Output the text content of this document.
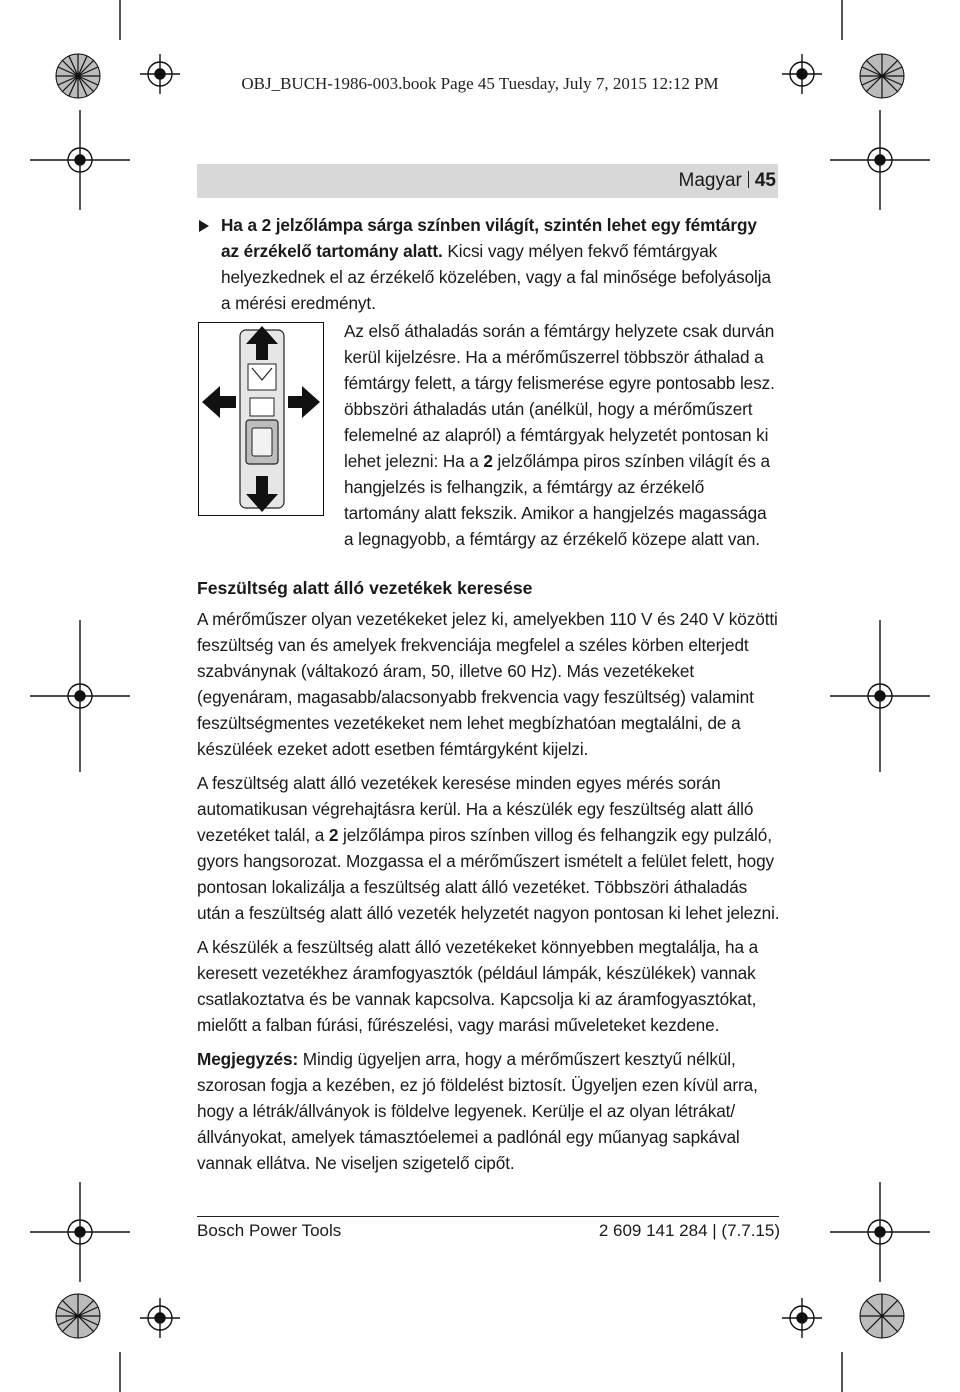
OBJ_BUCH-1986-003.book Page 45 Tuesday, July 7, 2015 12:12 PM
Magyar 45

Ha a 2 jelzőlámpa sárga színben világít, szintén lehet egy fémtárgy az érzékelő tartomány alatt. Kicsi vagy mélyen fekvő fémtárgyak helyezkednek el az érzékelő közelében, vagy a fal minősége befolyásolja a mérési eredményt.

Az első áthaladás során a fémtárgy helyzete csak durván kerül kijelzésre. Ha a mérőműszerrel többször áthalad a fémtárgy felett, a tárgy felismerése egyre pontosabb lesz. öbbszöri áthaladás után (anélkül, hogy a mérőműszert felemelné az alapról) a fémtárgyak helyzetét pontosan ki lehet jelezni: Ha a 2 jelzőlámpa piros színben világít és a hangjelzés is felhangzik, a fémtárgy az érzékelő tartomány alatt fekszik. Amikor a hangjelzés magassága a legnagyobb, a fémtárgy az érzékelő közepe alatt van.

Feszültség alatt álló vezetékek keresése

A mérőműszer olyan vezetékeket jelez ki, amelyekben 110 V és 240 V közötti feszültség van és amelyek frekvenciája megfelel a széles körben elterjedt szabványnak (váltakozó áram, 50, illetve 60 Hz). Más vezetékeket (egyenáram, magasabb/alacsonyabb frekvencia vagy feszültség) valamint feszültségmentes vezetékeket nem lehet megbízhatóan megtalálni, de a készüléek ezeket adott esetben fémtárgyként kijelzi.

A feszültség alatt álló vezetékek keresése minden egyes mérés során automatikusan végrehajtásra kerül. Ha a készülék egy feszültség alatt álló vezetéket talál, a 2 jelzőlámpa piros színben villog és felhangzik egy pulzáló, gyors hangsorozat. Mozgassa el a mérőműszert ismételt a felület felett, hogy pontosan lokalizálja a feszültség alatt álló vezetéket. Többszöri áthaladás után a feszültség alatt álló vezeték helyzetét nagyon pontosan ki lehet jelezni.

A készülék a feszültség alatt álló vezetékeket könnyebben megtalálja, ha a keresett vezetékhez áramfogyasztók (például lámpák, készülékek) vannak csatlakoztatva és be vannak kapcsolva. Kapcsolja ki az áramfogyasztókat, mielőtt a falban fúrási, fűrészelési, vagy marási műveleteket kezdene.

Megjegyzés: Mindig ügyeljen arra, hogy a mérőműszert kesztyű nélkül, szorosan fogja a kezében, ez jó földelést biztosít. Ügyeljen ezen kívül arra, hogy a létrák/állványok is földelve legyenek. Kerülje el az olyan létrákat/állványokat, amelyek támasztóelemei a padlónál egy műanyag sapkával vannak ellátva. Ne viseljen szigetelő cipőt.

Bosch Power Tools	2 609 141 284 | (7.7.15)
